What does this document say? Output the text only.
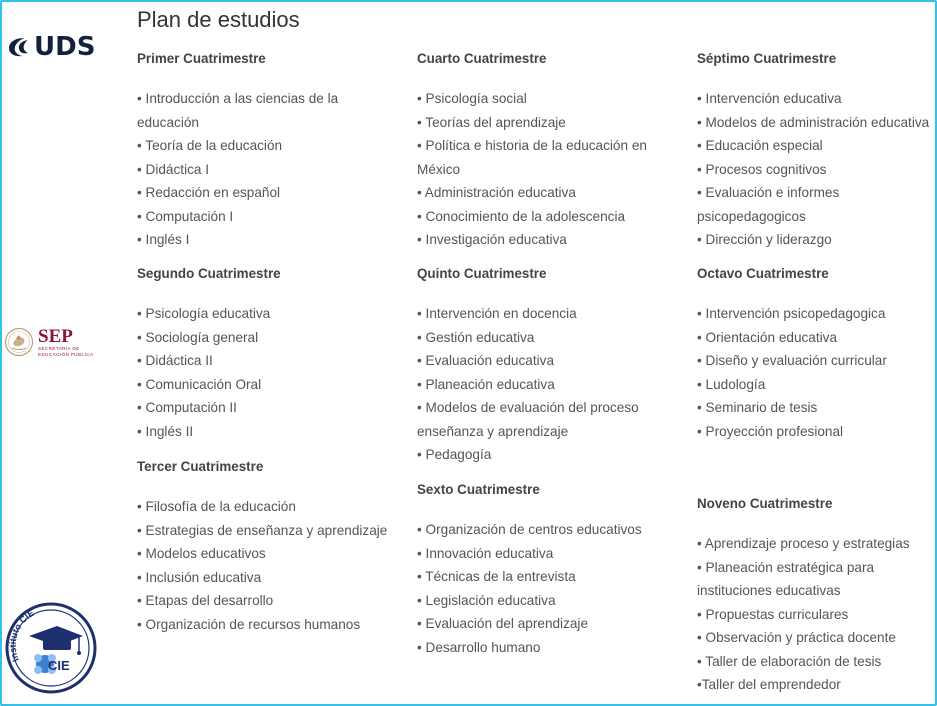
Plan de estudios
UDS
SEP
SECRETARÍA DE
EDUCACIÓN PÚBLICA
Instituto CIE
CIE
Primer Cuatrimestre
• Introducción a las ciencias de la
educación
• Teoría de la educación
• Didáctica I
• Redacción en español
• Computación I
• Inglés I
Segundo Cuatrimestre
• Psicología educativa
• Sociología general
• Didáctica II
• Comunicación Oral
• Computación II
• Inglés II
Tercer Cuatrimestre
• Filosofía de la educación
• Estrategias de enseñanza y aprendizaje
• Modelos educativos
• Inclusión educativa
• Etapas del desarrollo
• Organización de recursos humanos
Cuarto Cuatrimestre
• Psicología social
• Teorías del aprendizaje
• Política e historia de la educación en
México
• Administración educativa
• Conocimiento de la adolescencia
• Investigación educativa
Quinto Cuatrimestre
• Intervención en docencia
• Gestión educativa
• Evaluación educativa
• Planeación educativa
• Modelos de evaluación del proceso
enseñanza y aprendizaje
• Pedagogía
Sexto Cuatrimestre
• Organización de centros educativos
• Innovación educativa
• Técnicas de la entrevista
• Legislación educativa
• Evaluación del aprendizaje
• Desarrollo humano
Séptimo Cuatrimestre
• Intervención educativa
• Modelos de administración educativa
• Educación especial
• Procesos cognitivos
• Evaluación e informes
psicopedagogicos
• Dirección y liderazgo
Octavo Cuatrimestre
• Intervención psicopedagogica
• Orientación educativa
• Diseño y evaluación curricular
• Ludología
• Seminario de tesis
• Proyección profesional
Noveno Cuatrimestre
• Aprendizaje proceso y estrategias
• Planeación estratégica para
instituciones educativas
• Propuestas curriculares
• Observación y práctica docente
• Taller de elaboración de tesis
•Taller del emprendedor
